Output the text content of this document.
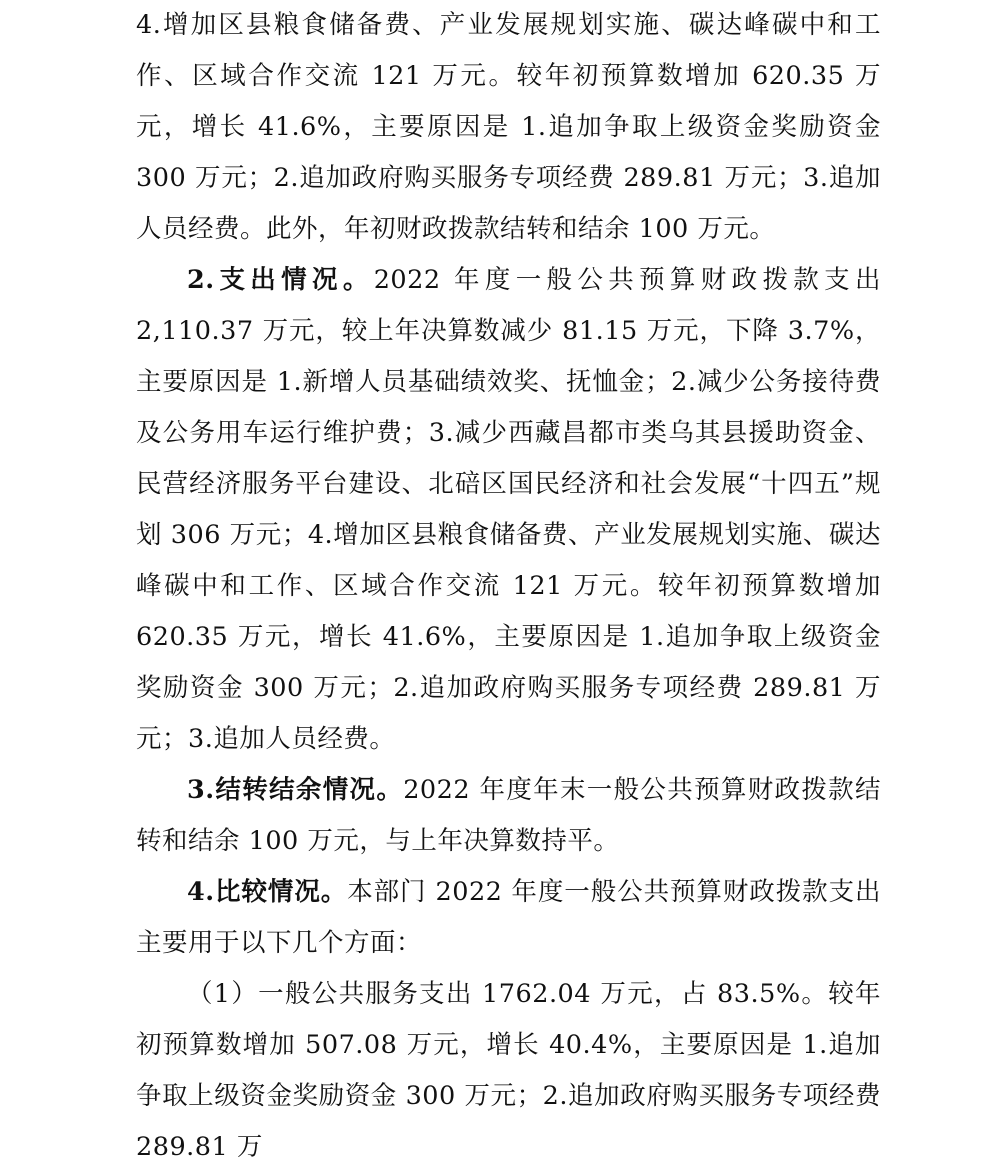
4.增加区县粮食储备费、产业发展规划实施、碳达峰碳中和工作、区域合作交流 121 万元。较年初预算数增加 620.35 万元，增长 41.6%，主要原因是 1.追加争取上级资金奖励资金 300 万元；2.追加政府购买服务专项经费 289.81 万元；3.追加人员经费。此外，年初财政拨款结转和结余 100 万元。

2.支出情况。2022 年度一般公共预算财政拨款支出 2,110.37 万元，较上年决算数减少 81.15 万元，下降 3.7%，主要原因是 1.新增人员基础绩效奖、抚恤金；2.减少公务接待费及公务用车运行维护费；3.减少西藏昌都市类乌其县援助资金、民营经济服务平台建设、北碚区国民经济和社会发展“十四五”规划 306 万元；4.增加区县粮食储备费、产业发展规划实施、碳达峰碳中和工作、区域合作交流 121 万元。较年初预算数增加 620.35 万元，增长 41.6%，主要原因是 1.追加争取上级资金奖励资金 300 万元；2.追加政府购买服务专项经费 289.81 万元；3.追加人员经费。

3.结转结余情况。2022 年度年末一般公共预算财政拨款结转和结余 100 万元，与上年决算数持平。

4.比较情况。本部门 2022 年度一般公共预算财政拨款支出主要用于以下几个方面：

（1）一般公共服务支出 1762.04 万元，占 83.5%。较年初预算数增加 507.08 万元，增长 40.4%，主要原因是 1.追加争取上级资金奖励资金 300 万元；2.追加政府购买服务专项经费 289.81 万
